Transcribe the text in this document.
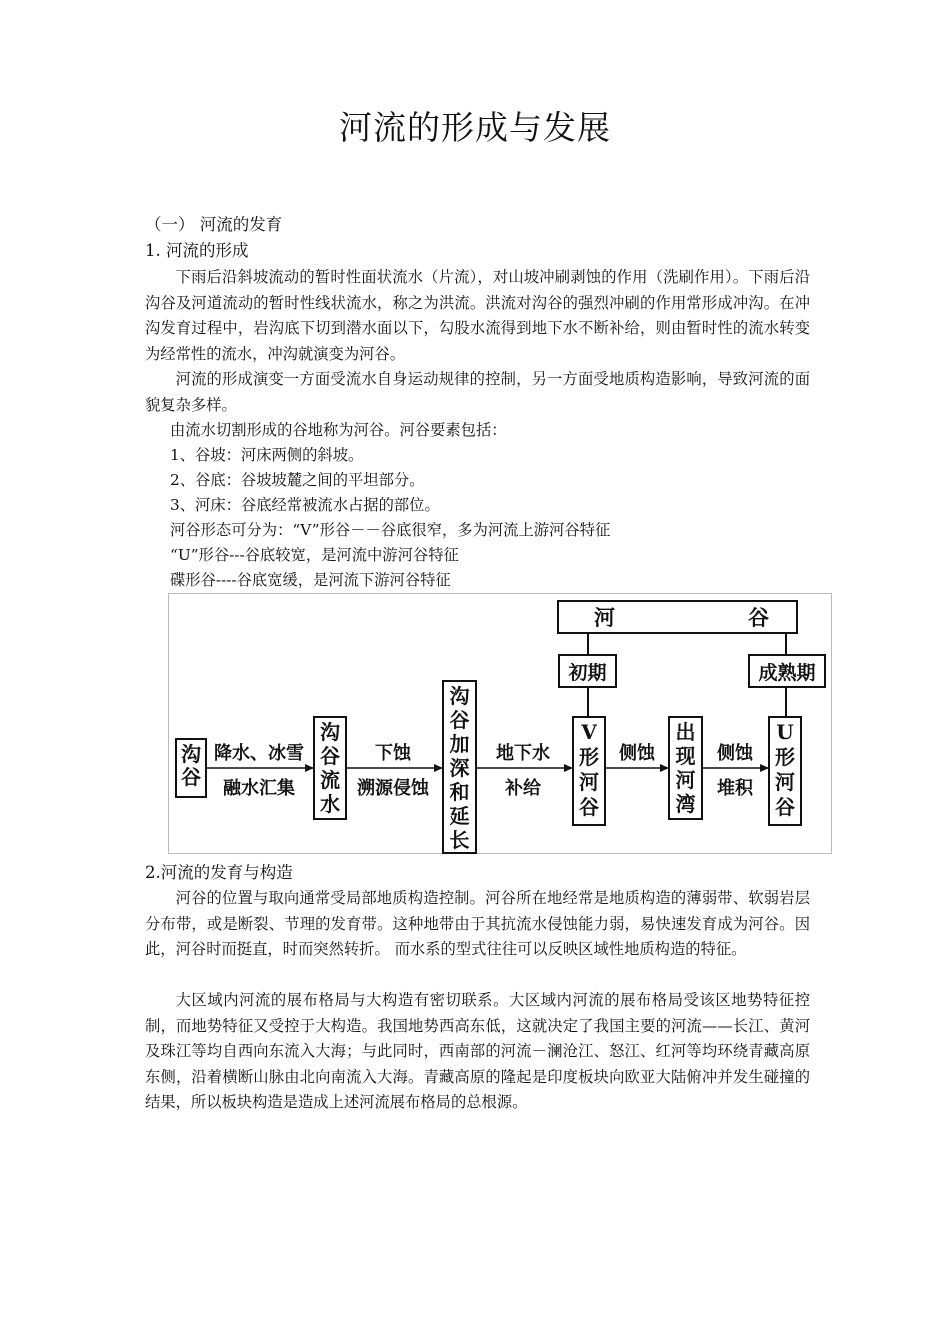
河流的形成与发展
（一） 河流的发育
1. 河流的形成
下雨后沿斜坡流动的暂时性面状流水（片流），对山坡冲刷剥蚀的作用（洗刷作用）。下雨后沿沟谷及河道流动的暂时性线状流水，称之为洪流。洪流对沟谷的强烈冲刷的作用常形成冲沟。在冲沟发育过程中，岩沟底下切到潜水面以下，勾股水流得到地下水不断补给，则由暂时性的流水转变为经常性的流水，冲沟就演变为河谷。
河流的形成演变一方面受流水自身运动规律的控制，另一方面受地质构造影响，导致河流的面貌复杂多样。
由流水切割形成的谷地称为河谷。河谷要素包括：
1、谷坡：河床两侧的斜坡。
2、谷底：谷坡坡麓之间的平坦部分。
3、河床：谷底经常被流水占据的部位。
河谷形态可分为：“V”形谷－－谷底很窄，多为河流上游河谷特征
“U”形谷---谷底较宽，是河流中游河谷特征
碟形谷----谷底宽缓，是河流下游河谷特征
河	谷
初期	成熟期
沟谷
沟谷流水
沟谷加深和延长
V 形河谷
出现河湾
U 形河谷
降水、冰雪
融水汇集
下蚀
溯源侵蚀
地下水
补给
侧蚀	侧蚀
堆积
2.河流的发育与构造
河谷的位置与取向通常受局部地质构造控制。河谷所在地经常是地质构造的薄弱带、软弱岩层分布带，或是断裂、节理的发育带。这种地带由于其抗流水侵蚀能力弱，易快速发育成为河谷。因此，河谷时而挺直，时而突然转折。 而水系的型式往往可以反映区域性地质构造的特征。
大区域内河流的展布格局与大构造有密切联系。大区域内河流的展布格局受该区地势特征控制，而地势特征又受控于大构造。我国地势西高东低，这就决定了我国主要的河流——长江、黄河及珠江等均自西向东流入大海；与此同时，西南部的河流－澜沧江、怒江、红河等均环绕青藏高原东侧，沿着横断山脉由北向南流入大海。青藏高原的隆起是印度板块向欧亚大陆俯冲并发生碰撞的结果，所以板块构造是造成上述河流展布格局的总根源。
